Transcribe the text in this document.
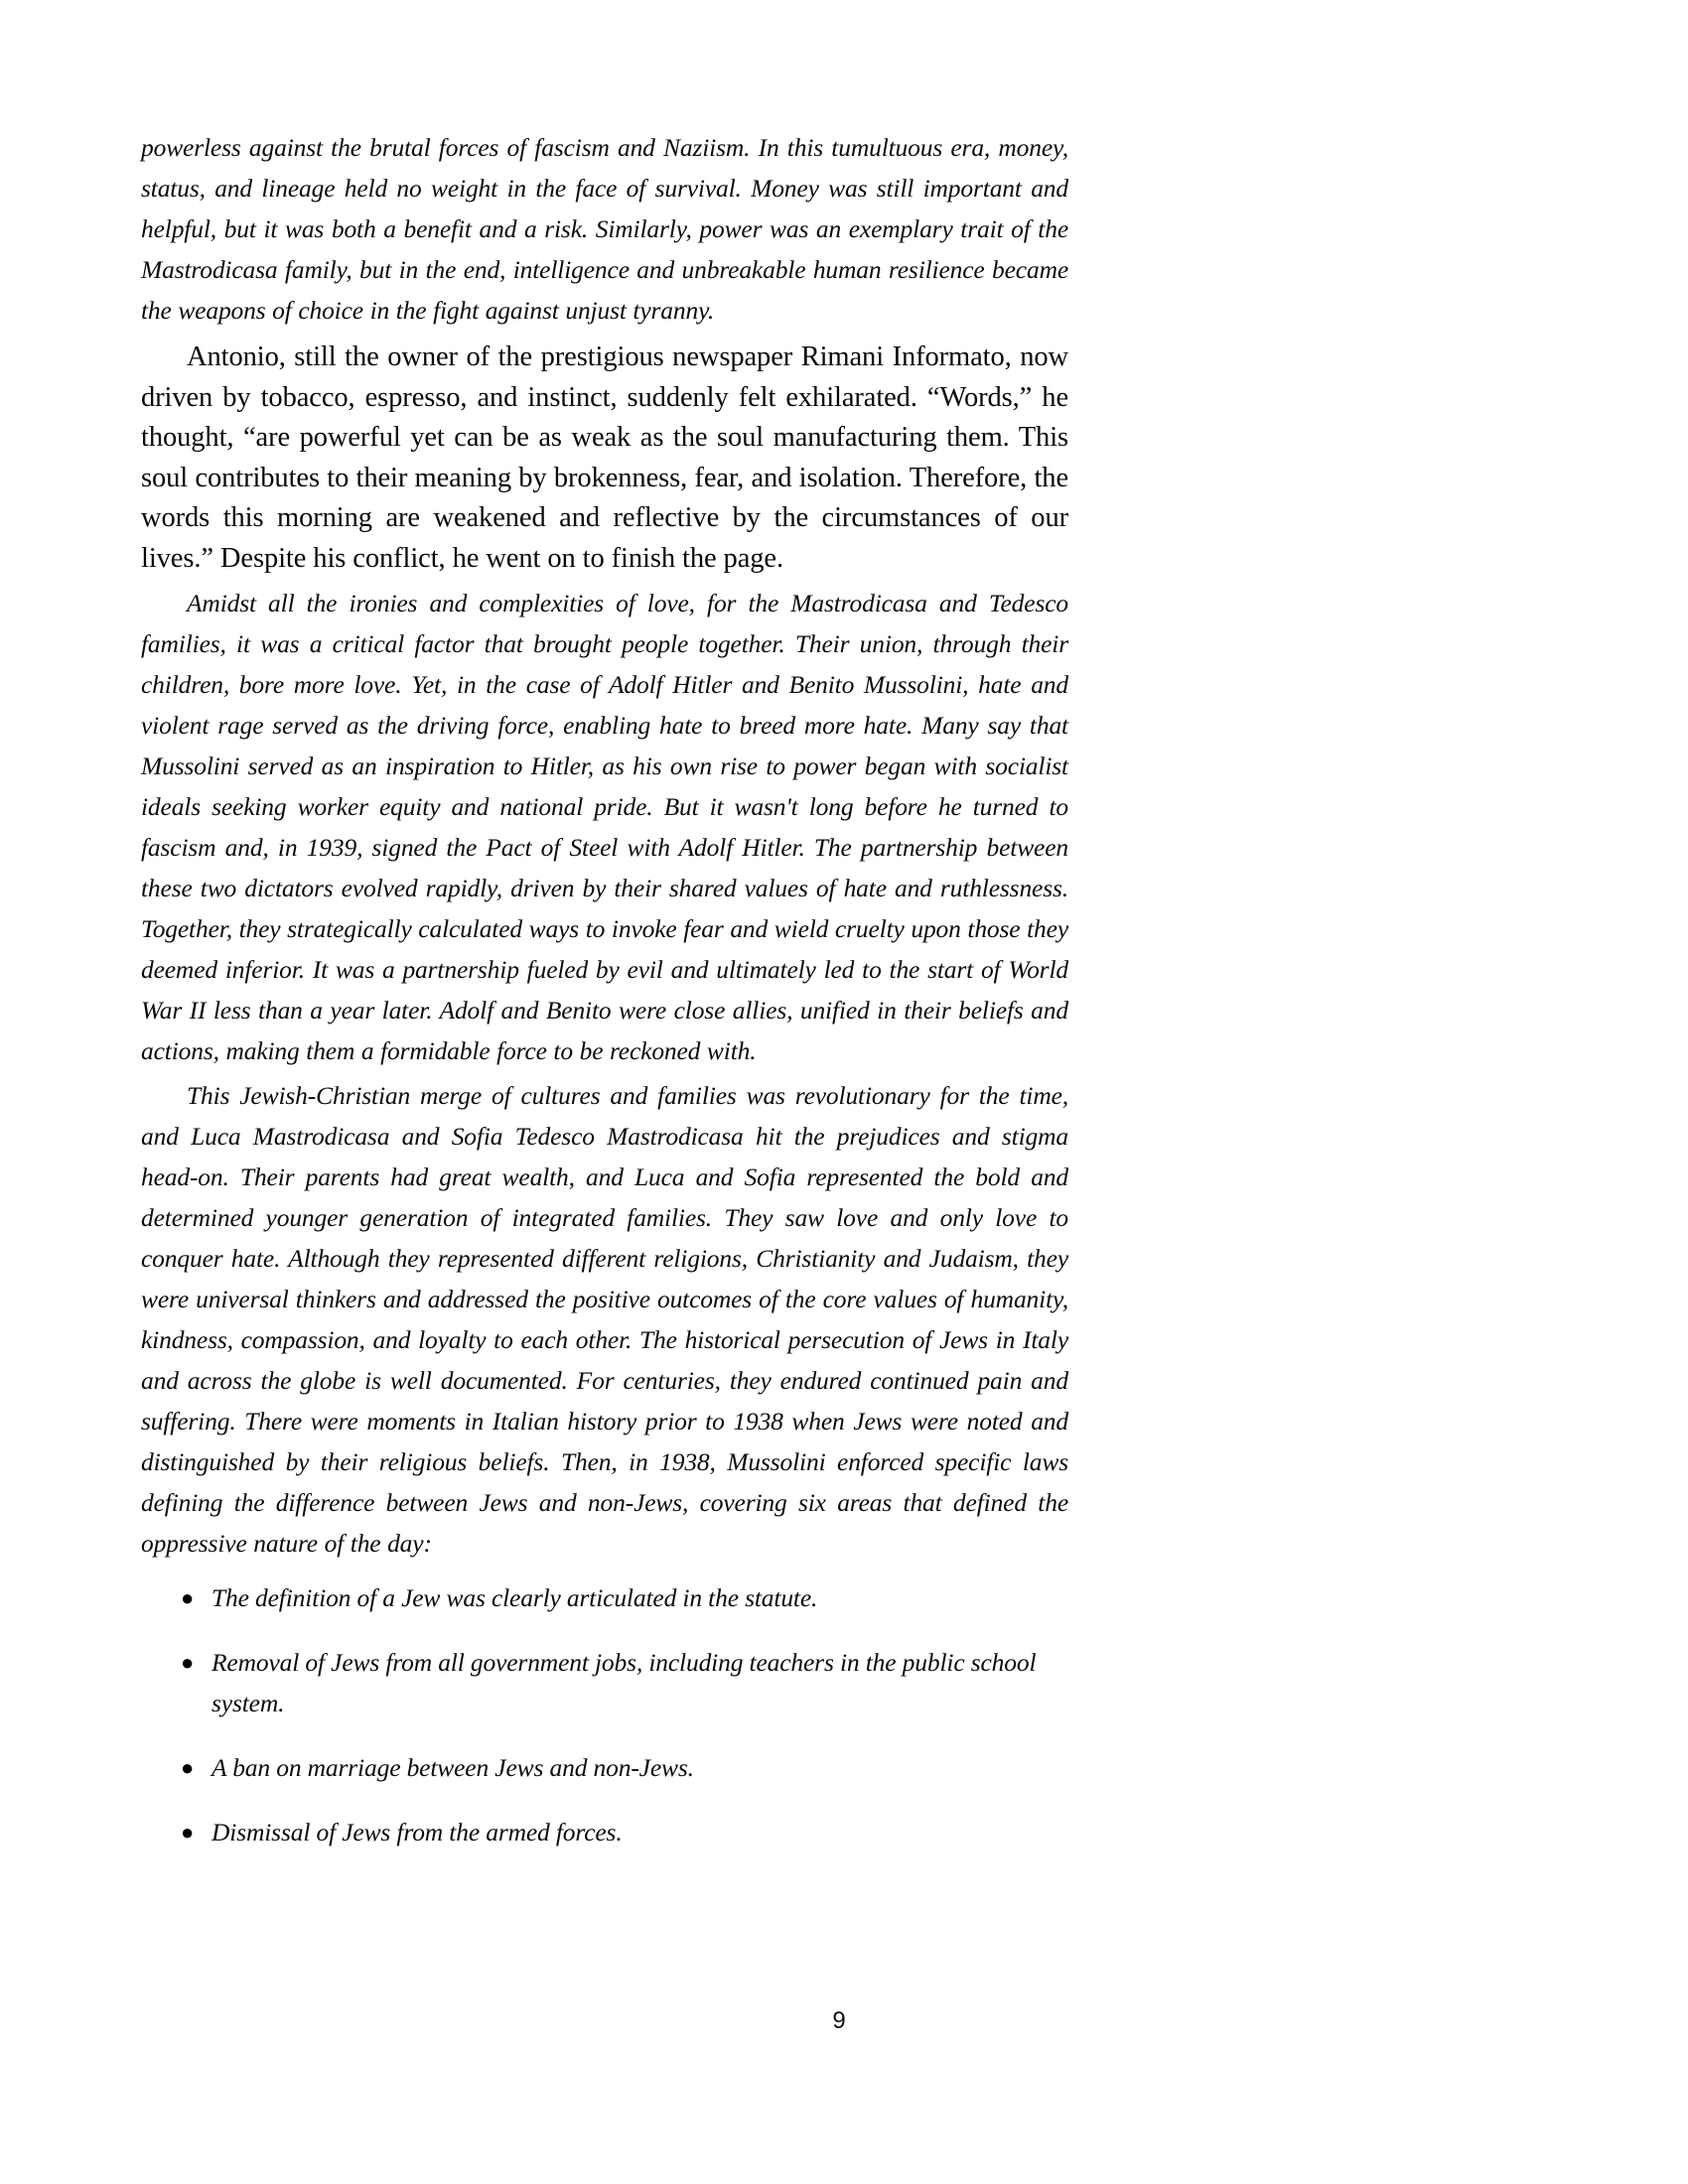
powerless against the brutal forces of fascism and Naziism. In this tumultuous era, money, status, and lineage held no weight in the face of survival. Money was still important and helpful, but it was both a benefit and a risk. Similarly, power was an exemplary trait of the Mastrodicasa family, but in the end, intelligence and unbreakable human resilience became the weapons of choice in the fight against unjust tyranny.

Antonio, still the owner of the prestigious newspaper Rimani Informato, now driven by tobacco, espresso, and instinct, suddenly felt exhilarated. “Words,” he thought, “are powerful yet can be as weak as the soul manufacturing them. This soul contributes to their meaning by brokenness, fear, and isolation. Therefore, the words this morning are weakened and reflective by the circumstances of our lives.” Despite his conflict, he went on to finish the page.

Amidst all the ironies and complexities of love, for the Mastrodicasa and Tedesco families, it was a critical factor that brought people together. Their union, through their children, bore more love. Yet, in the case of Adolf Hitler and Benito Mussolini, hate and violent rage served as the driving force, enabling hate to breed more hate. Many say that Mussolini served as an inspiration to Hitler, as his own rise to power began with socialist ideals seeking worker equity and national pride. But it wasn't long before he turned to fascism and, in 1939, signed the Pact of Steel with Adolf Hitler. The partnership between these two dictators evolved rapidly, driven by their shared values of hate and ruthlessness. Together, they strategically calculated ways to invoke fear and wield cruelty upon those they deemed inferior. It was a partnership fueled by evil and ultimately led to the start of World War II less than a year later. Adolf and Benito were close allies, unified in their beliefs and actions, making them a formidable force to be reckoned with.

This Jewish-Christian merge of cultures and families was revolutionary for the time, and Luca Mastrodicasa and Sofia Tedesco Mastrodicasa hit the prejudices and stigma head-on. Their parents had great wealth, and Luca and Sofia represented the bold and determined younger generation of integrated families. They saw love and only love to conquer hate. Although they represented different religions, Christianity and Judaism, they were universal thinkers and addressed the positive outcomes of the core values of humanity, kindness, compassion, and loyalty to each other. The historical persecution of Jews in Italy and across the globe is well documented. For centuries, they endured continued pain and suffering. There were moments in Italian history prior to 1938 when Jews were noted and distinguished by their religious beliefs. Then, in 1938, Mussolini enforced specific laws defining the difference between Jews and non-Jews, covering six areas that defined the oppressive nature of the day:

● The definition of a Jew was clearly articulated in the statute.
● Removal of Jews from all government jobs, including teachers in the public school system.
● A ban on marriage between Jews and non-Jews.
● Dismissal of Jews from the armed forces.
9
